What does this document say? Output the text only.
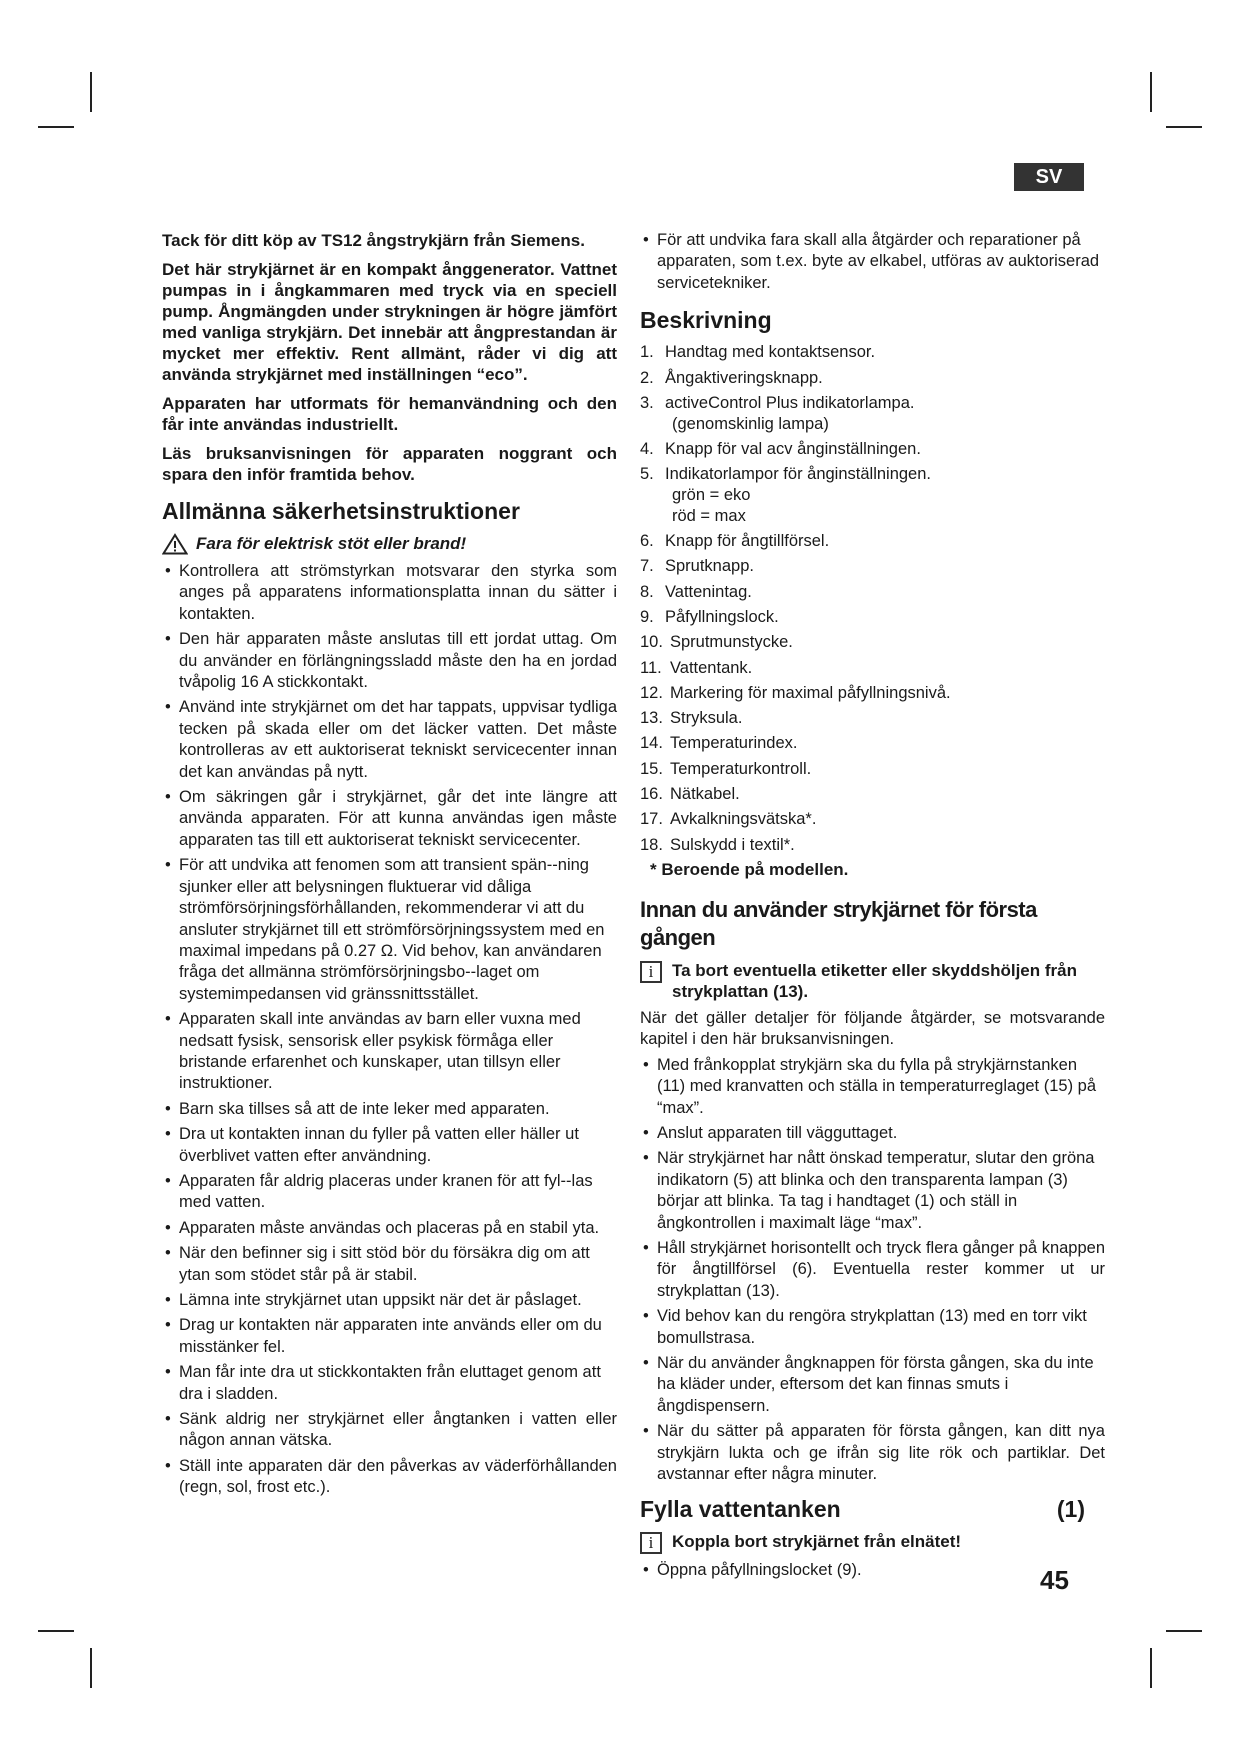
SV

Tack för ditt köp av TS12 ångstrykjärn från Siemens.

Det här strykjärnet är en kompakt ånggenerator. Vattnet pumpas in i ångkammaren med tryck via en speciell pump. Ångmängden under strykningen är högre jämfört med vanliga strykjärn. Det innebär att ångprestandan är mycket mer effektiv. Rent allmänt, råder vi dig att använda strykjärnet med inställningen “eco”.

Apparaten har utformats för hemanvändning och den får inte användas industriellt.

Läs bruksanvisningen för apparaten noggrant och spara den inför framtida behov.

Allmänna säkerhetsinstruktioner
Fara för elektrisk stöt eller brand!
• Kontrollera att strömstyrkan motsvarar den styrka som anges på apparatens informationsplatta innan du sätter i kontakten.
• Den här apparaten måste anslutas till ett jordat uttag. Om du använder en förlängningssladd måste den ha en jordad tvåpolig 16 A stickkontakt.
• Använd inte strykjärnet om det har tappats, uppvisar tydliga tecken på skada eller om det läcker vatten. Det måste kontrolleras av ett auktoriserat tekniskt servicecenter innan det kan användas på nytt.
• Om säkringen går i strykjärnet, går det inte längre att använda apparaten. För att kunna användas igen måste apparaten tas till ett auktoriserat tekniskt servicecenter.
• För att undvika att fenomen som att transient spän--ning sjunker eller att belysningen fluktuerar vid dåliga strömförsörjningsförhållanden, rekommenderar vi att du ansluter strykjärnet till ett strömförsörjningssystem med en maximal impedans på 0.27 Ω. Vid behov, kan användaren fråga det allmänna strömförsörjningsbo--laget om systemimpedansen vid gränssnittsstället.
• Apparaten skall inte användas av barn eller vuxna med nedsatt fysisk, sensorisk eller psykisk förmåga eller bristande erfarenhet och kunskaper, utan tillsyn eller instruktioner.
• Barn ska tillses så att de inte leker med apparaten.
• Dra ut kontakten innan du fyller på vatten eller häller ut överblivet vatten efter användning.
• Apparaten får aldrig placeras under kranen för att fyl--las med vatten.
• Apparaten måste användas och placeras på en stabil yta.
• När den befinner sig i sitt stöd bör du försäkra dig om att ytan som stödet står på är stabil.
• Lämna inte strykjärnet utan uppsikt när det är påslaget.
• Drag ur kontakten när apparaten inte används eller om du misstänker fel.
• Man får inte dra ut stickkontakten från eluttaget genom att dra i sladden.
• Sänk aldrig ner strykjärnet eller ångtanken i vatten eller någon annan vätska.
• Ställ inte apparaten där den påverkas av väderförhållanden (regn, sol, frost etc.).
• För att undvika fara skall alla åtgärder och reparationer på apparaten, som t.ex. byte av elkabel, utföras av auktoriserad servicetekniker.
Beskrivning
1. Handtag med kontaktsensor.
2. Ångaktiveringsknapp.
3. activeControl Plus indikatorlampa.
(genomskinlig lampa)
4. Knapp för val acv ånginställningen.
5. Indikatorlampor för ånginställningen.
grön = eko
röd = max
6. Knapp för ångtillförsel.
7. Sprutknapp.
8. Vattenintag.
9. Påfyllningslock.
10. Sprutmunstycke.
11. Vattentank.
12. Markering för maximal påfyllningsnivå.
13. Stryksula.
14. Temperaturindex.
15. Temperaturkontroll.
16. Nätkabel.
17. Avkalkningsvätska*.
18. Sulskydd i textil*.
* Beroende på modellen.
Innan du använder strykjärnet för första gången
i	Ta bort eventuella etiketter eller skyddshöljen från strykplattan (13).

När det gäller detaljer för följande åtgärder, se motsvarande kapitel i den här bruksanvisningen.

• Med frånkopplat strykjärn ska du fylla på strykjärnstanken (11) med kranvatten och ställa in temperaturreglaget (15) på “max”.
• Anslut apparaten till vägguttaget.
• När strykjärnet har nått önskad temperatur, slutar den gröna indikatorn (5) att blinka och den transparenta lampan (3) börjar att blinka. Ta tag i handtaget (1) och ställ in ångkontrollen i maximalt läge “max”.
• Håll strykjärnet horisontellt och tryck flera gånger på knappen för ångtillförsel (6). Eventuella rester kommer ut ur strykplattan (13).
• Vid behov kan du rengöra strykplattan (13) med en torr vikt bomullstrasa.
• När du använder ångknappen för första gången, ska du inte ha kläder under, eftersom det kan finnas smuts i ångdispensern.
• När du sätter på apparaten för första gången, kan ditt nya strykjärn lukta och ge ifrån sig lite rök och partiklar. Det avstannar efter några minuter.
Fylla vattentanken	(1)
i	Koppla bort strykjärnet från elnätet!
• Öppna påfyllningslocket (9).	45
